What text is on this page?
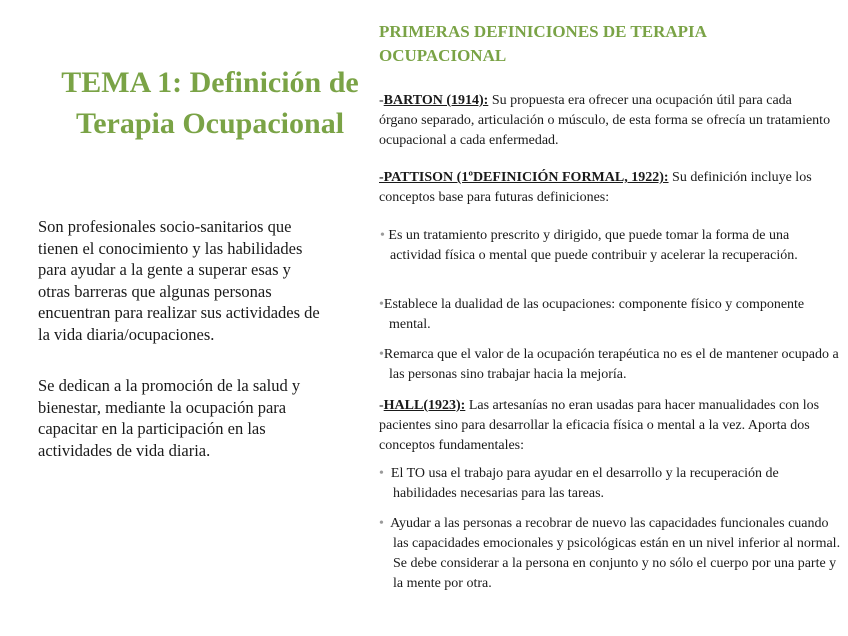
TEMA 1: Definición de Terapia Ocupacional

Son profesionales socio-sanitarios que tienen el conocimiento y las habilidades para ayudar a la gente a superar esas y otras barreras que algunas personas encuentran para realizar sus actividades de la vida diaria/ocupaciones.

Se dedican a la promoción de la salud y bienestar, mediante la ocupación para capacitar en la participación en las actividades de vida diaria.

PRIMERAS DEFINICIONES DE TERAPIA OCUPACIONAL

-BARTON (1914): Su propuesta era ofrecer una ocupación útil para cada órgano separado, articulación o músculo, de esta forma se ofrecía un tratamiento ocupacional a cada enfermedad.

-PATTISON (1ºDEFINICIÓN FORMAL, 1922): Su definición incluye los conceptos base para futuras definiciones:

• Es un tratamiento prescrito y dirigido, que puede tomar la forma de una actividad física o mental que puede contribuir y acelerar la recuperación.

•Establece la dualidad de las ocupaciones: componente físico y componente mental.

•Remarca que el valor de la ocupación terapéutica no es el de mantener ocupado a las personas sino trabajar hacia la mejoría.

-HALL(1923): Las artesanías no eran usadas para hacer manualidades con los pacientes sino para desarrollar la eficacia física o mental a la vez. Aporta dos conceptos fundamentales:

• El TO usa el trabajo para ayudar en el desarrollo y la recuperación de habilidades necesarias para las tareas.

• Ayudar a las personas a recobrar de nuevo las capacidades funcionales cuando las capacidades emocionales y psicológicas están en un nivel inferior al normal. Se debe considerar a la persona en conjunto y no sólo el cuerpo por una parte y la mente por otra.
